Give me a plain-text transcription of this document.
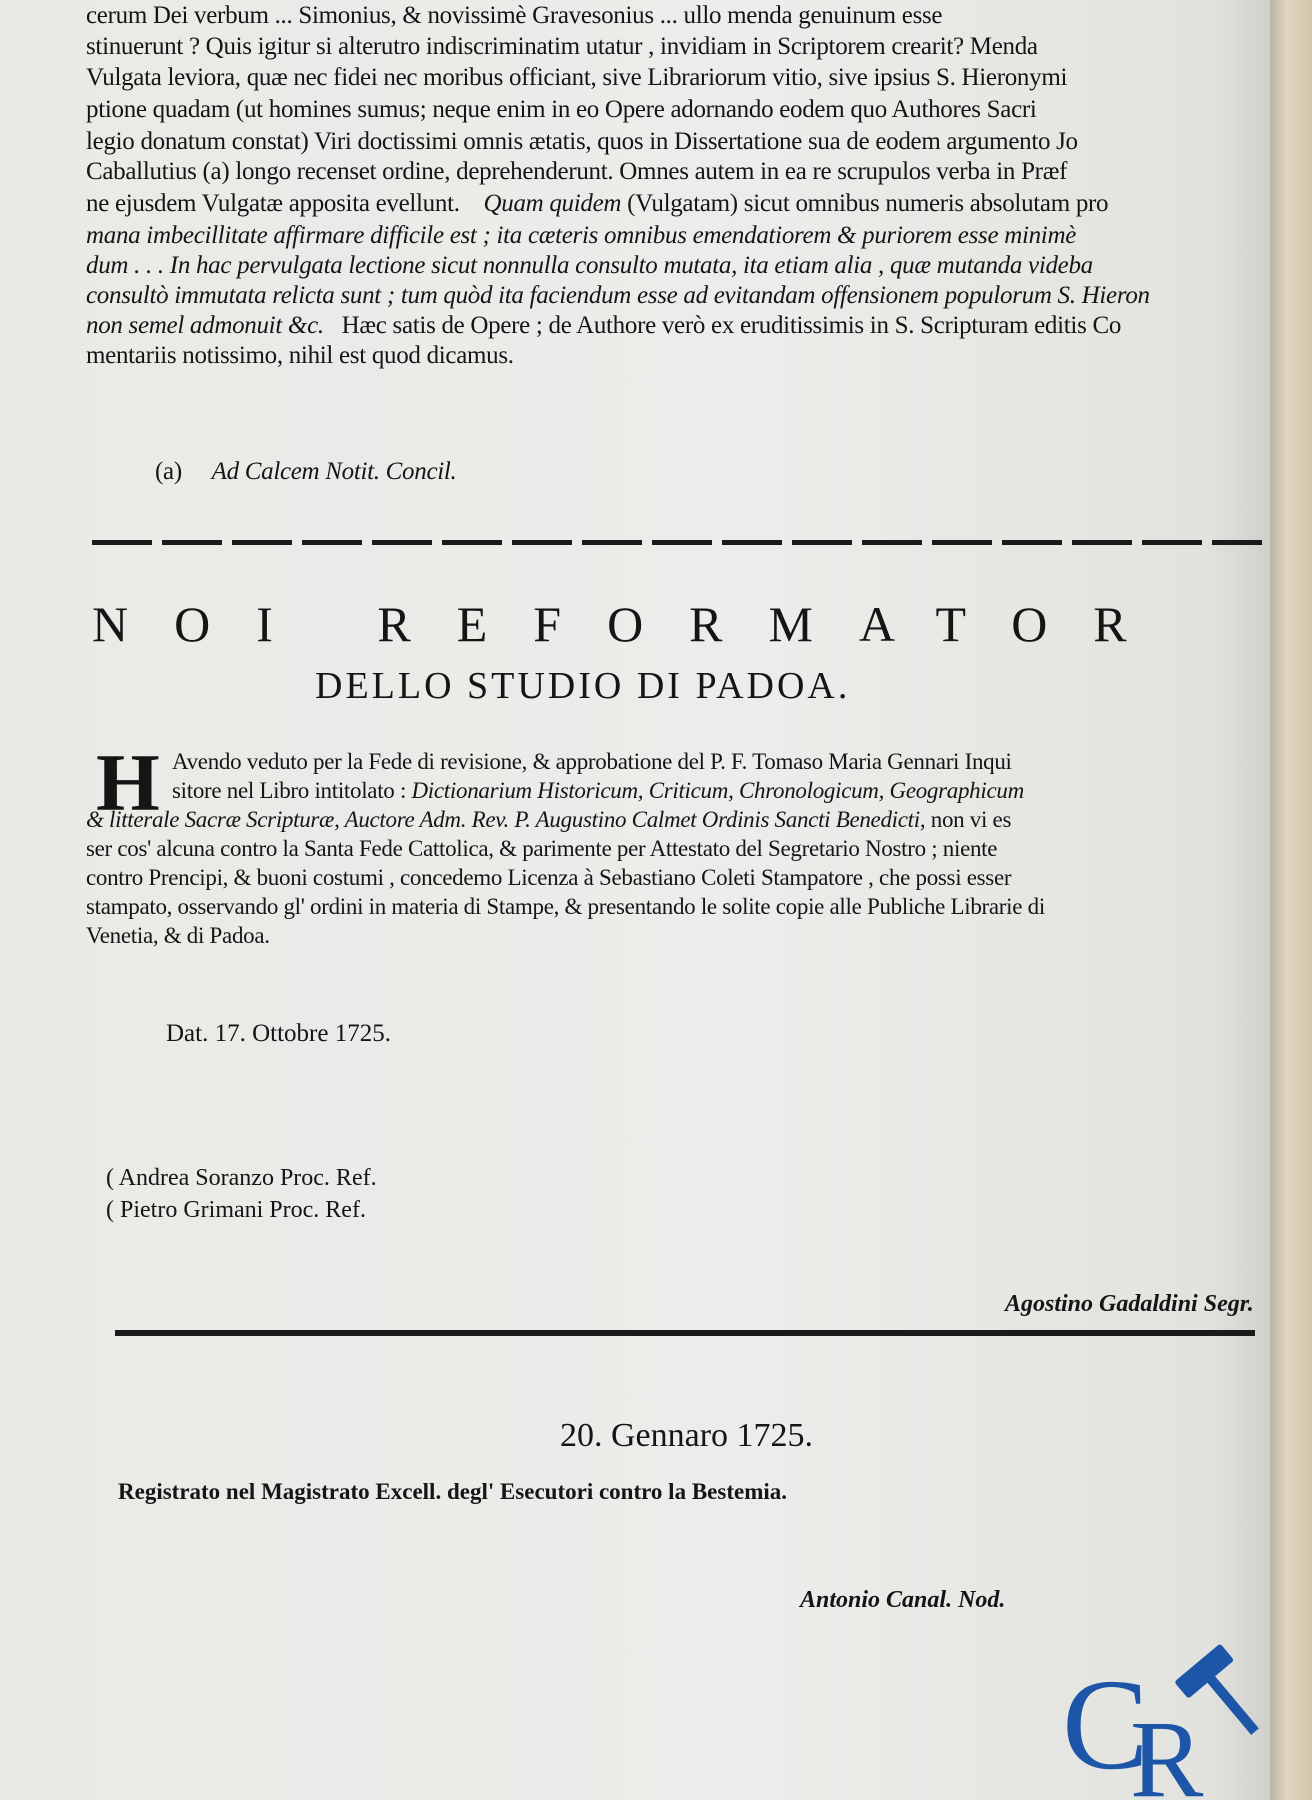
cerum Dei verbum ... Simonius, & novissimè Gravesonius ... ullo menda genuinum esse
stinuerunt ? Quis igitur si alterutro indiscriminatim utatur , invidiam in Scriptorem crearit? Menda
Vulgata leviora, quæ nec fidei nec moribus officiant, sive Librariorum vitio, sive ipsius S. Hieronymi
ptione quadam (ut homines sumus; neque enim in eo Opere adornando eodem quo Authores Sacri
legio donatum constat) Viri doctissimi omnis ætatis, quos in Dissertatione sua de eodem argumento Jo
Caballutius (a) longo recenset ordine, deprehenderunt. Omnes autem in ea re scrupulos verba in Præf
ne ejusdem Vulgatæ apposita evellunt. Quam quidem (Vulgatam) sicut omnibus numeris absolutam pro
mana imbecillitate affirmare difficile est ; ita cæteris omnibus emendatiorem & puriorem esse minimè
dum . . . In hac pervulgata lectione sicut nonnulla consulto mutata, ita etiam alia , quæ mutanda videba
consultò immutata relicta sunt ; tum quòd ita faciendum esse ad evitandam offensionem populorum S. Hieron
non semel admonuit &c. Hæc satis de Opere ; de Authore verò ex eruditissimis in S. Scripturam editis Co
mentariis notissimo, nihil est quod dicamus.
(a) Ad Calcem Notit. Concil.
NOI REFORMATOR
DELLO STUDIO DI PADOA.
H Avendo veduto per la Fede di revisione, & approbatione del P. F. Tomaso Maria Gennari Inqui
sitore nel Libro intitolato : Dictionarium Historicum, Criticum, Chronologicum, Geographicum
& litterale Sacræ Scripturæ, Auctore Adm. Rev. P. Augustino Calmet Ordinis Sancti Benedicti, non vi es
ser cos' alcuna contro la Santa Fede Cattolica, & parimente per Attestato del Segretario Nostro ; niente
contro Prencipi, & buoni costumi , concedemo Licenza à Sebastiano Coleti Stampatore , che possi esser
stampato, osservando gl' ordini in materia di Stampe, & presentando le solite copie alle Publiche Librarie di
Venetia, & di Padoa.
Dat. 17. Ottobre 1725.
( Andrea Soranzo Proc. Ref.
( Pietro Grimani Proc. Ref.
Agostino Gadaldini Segr.
20. Gennaro 1725.
Registrato nel Magistrato Excell. degl' Esecutori contro la Bestemia.
Antonio Canal. Nod.
C
R
